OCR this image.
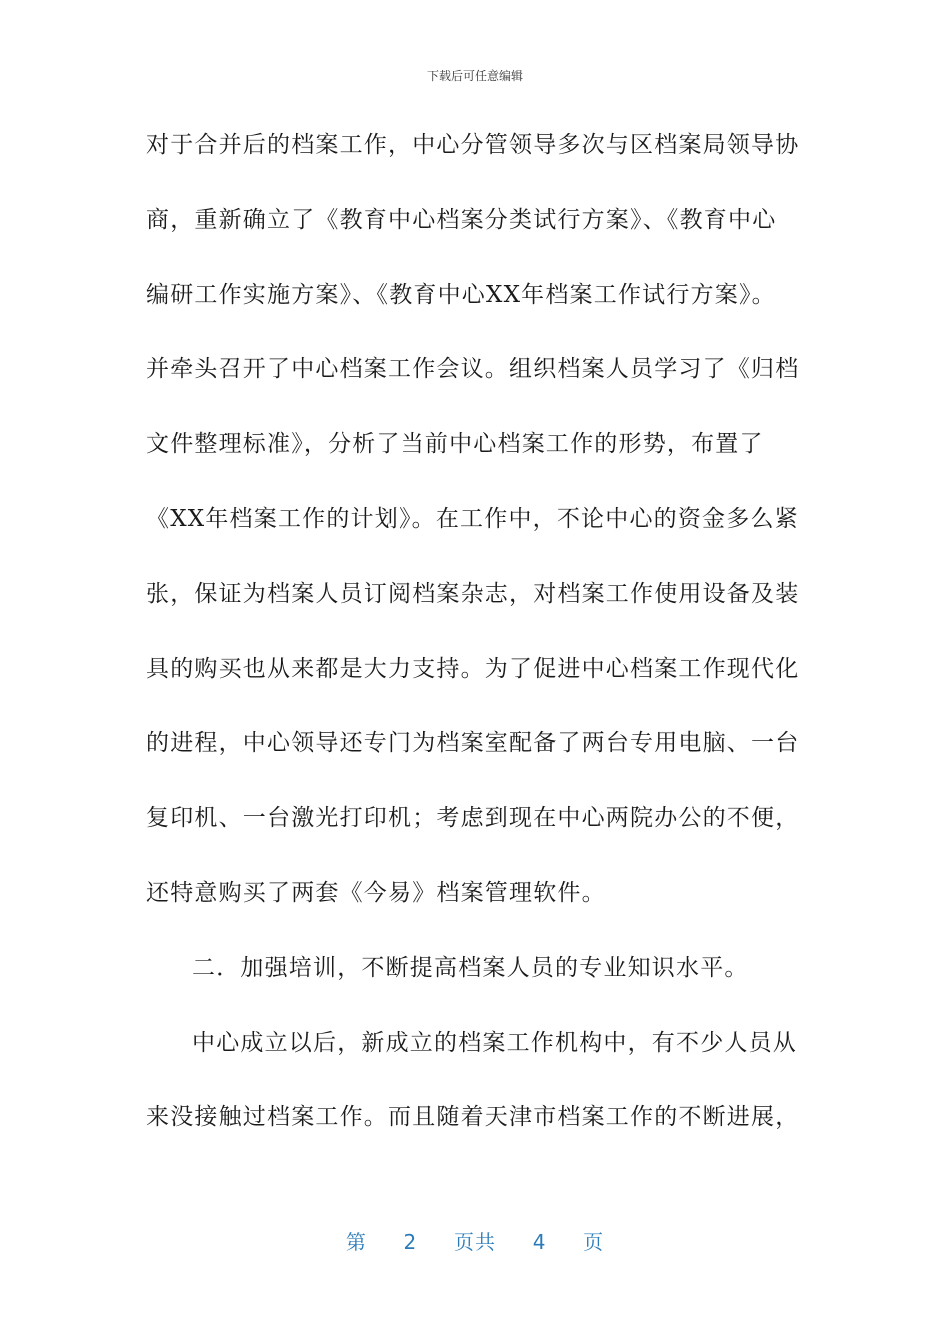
下载后可任意编辑
对于合并后的档案工作，中心分管领导多次与区档案局领导协
商，重新确立了《教育中心档案分类试行方案》、《教育中心
编研工作实施方案》、《教育中心XX年档案工作试行方案》。
并牵头召开了中心档案工作会议。组织档案人员学习了《归档
文件整理标准》，分析了当前中心档案工作的形势，布置了
《XX年档案工作的计划》。在工作中，不论中心的资金多么紧
张，保证为档案人员订阅档案杂志，对档案工作使用设备及装
具的购买也从来都是大力支持。为了促进中心档案工作现代化
的进程，中心领导还专门为档案室配备了两台专用电脑、一台
复印机、一台激光打印机；考虑到现在中心两院办公的不便，
还特意购买了两套《今易》档案管理软件。
二．加强培训，不断提高档案人员的专业知识水平。
中心成立以后，新成立的档案工作机构中，有不少人员从
来没接触过档案工作。而且随着天津市档案工作的不断进展，
第 2 页共 4 页
